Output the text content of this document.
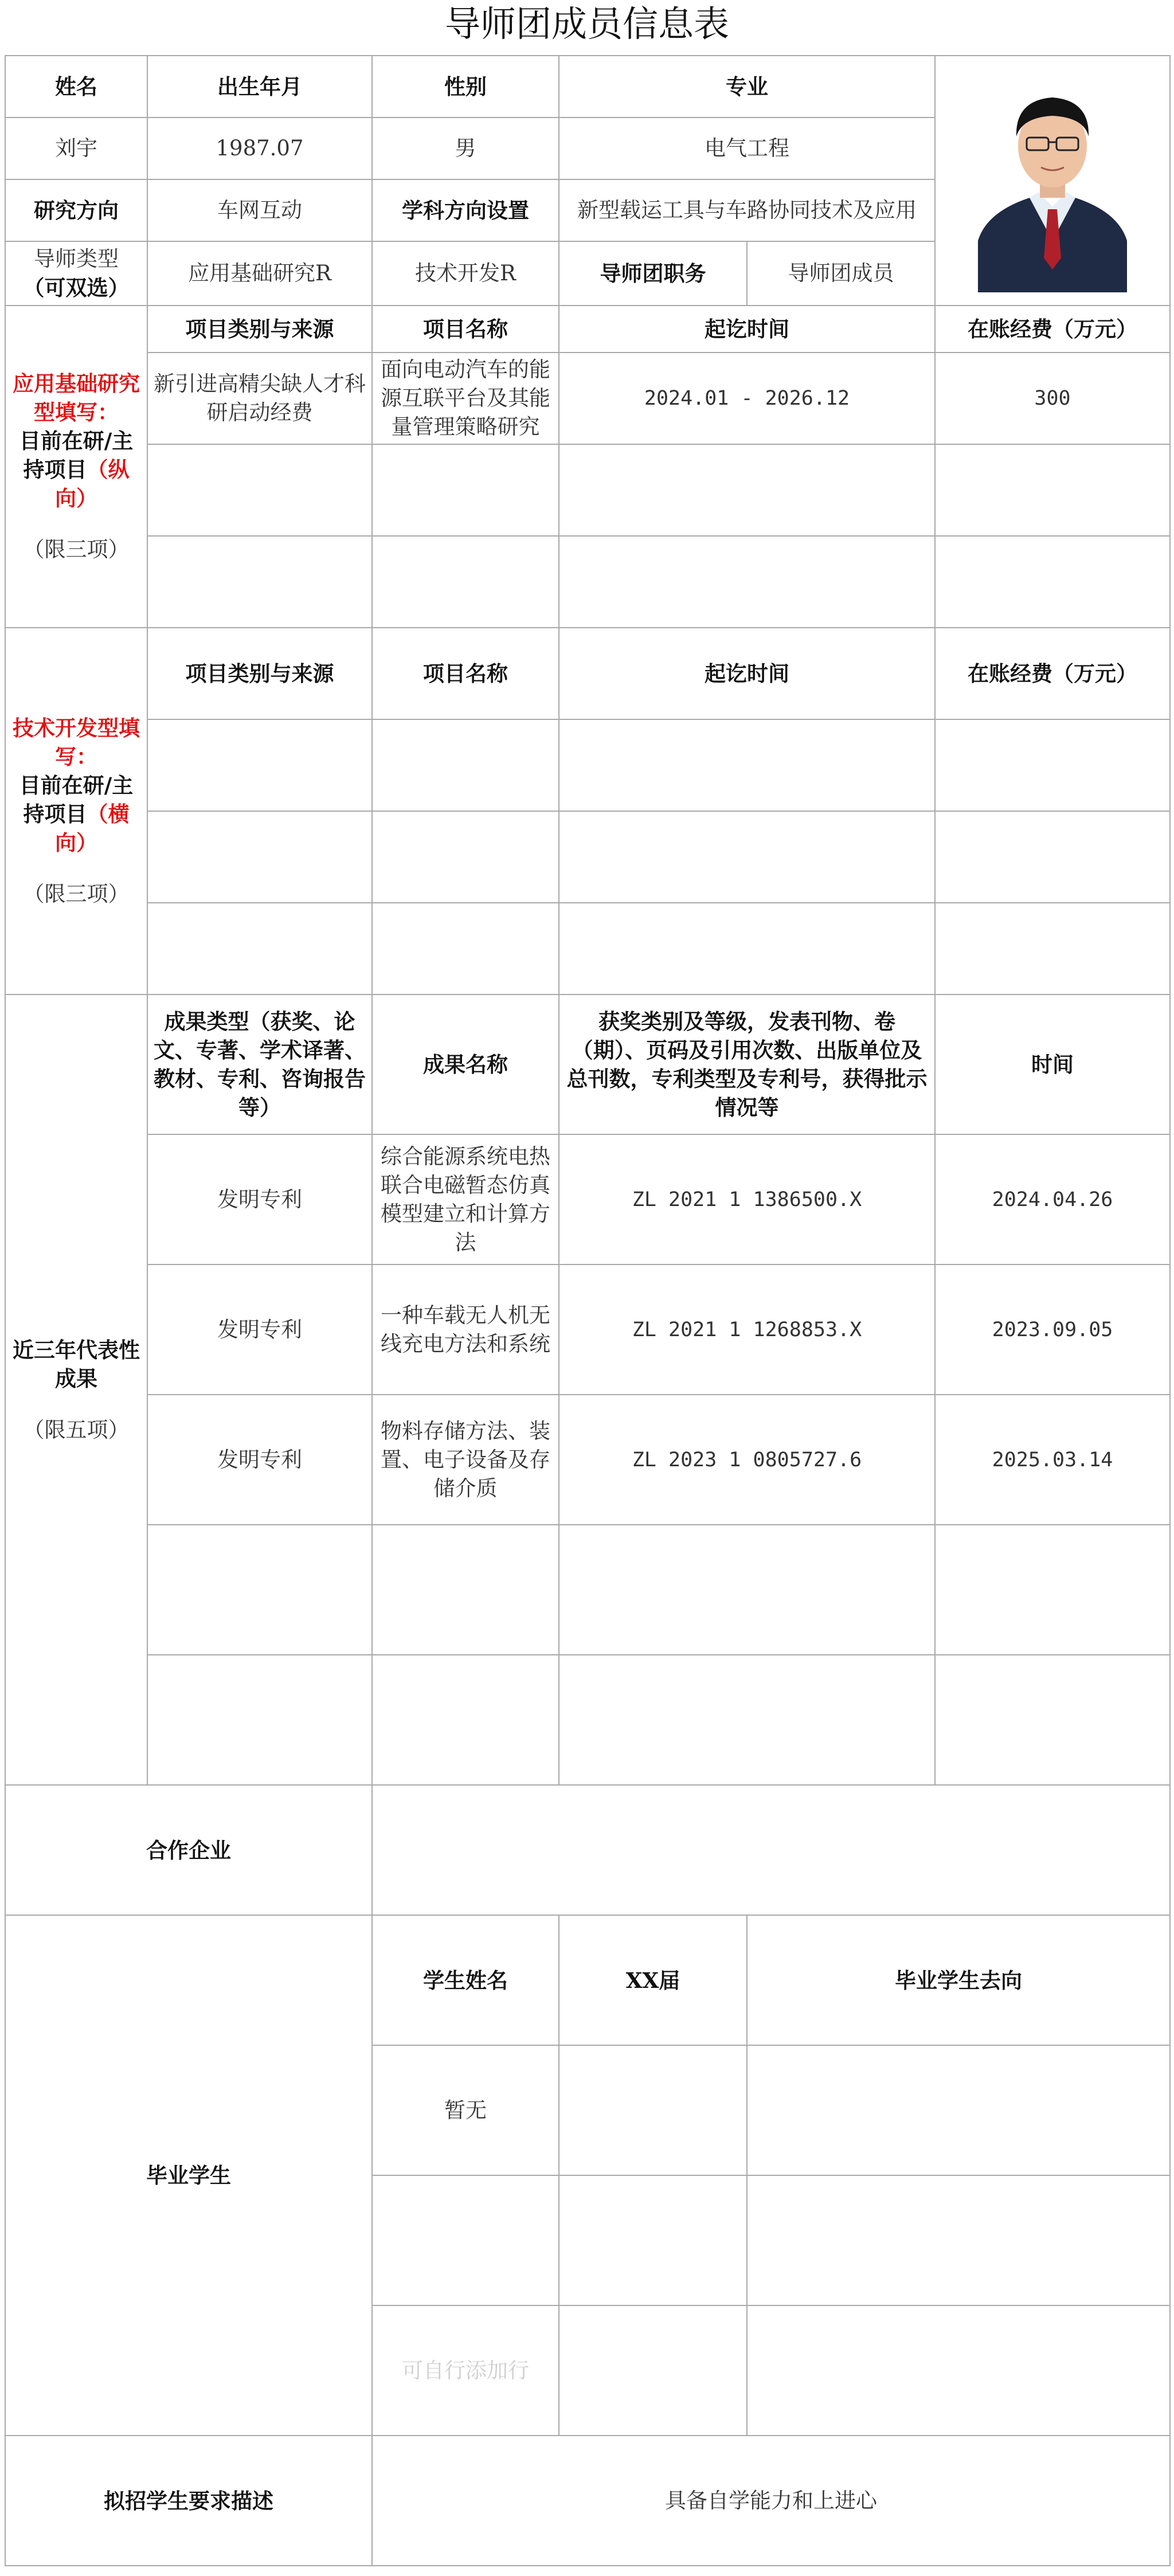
导师团成员信息表
姓名	出生年月	性别	专业	

刘宇	1987.07	男	电气工程		
研究方向	车网互动	学科方向设置	新型载运工具与车路协同技术及应用		
导师类型
（可双选）	应用基础研究R	技术开发R	导师团职务	导师团成员	
应用基础研究型填写：
目前在研/主持项目（纵向）
（限三项）	项目类别与来源	项目名称	起讫时间		在账经费（万元）
	新引进高精尖缺人才科研启动经费	面向电动汽车的能源互联平台及其能量管理策略研究	2024.01 - 2026.12		300

技术开发型填写：
目前在研/主持项目（横向）
（限三项）	项目类别与来源	项目名称	起讫时间		在账经费（万元）

近三年代表性成果
（限五项）	成果类型（获奖、论文、专著、学术译著、教材、专利、咨询报告等）	成果名称	获奖类别及等级，发表刊物、卷（期）、页码及引用次数、出版单位及总刊数，专利类型及专利号，获得批示情况等		时间
	发明专利	综合能源系统电热联合电磁暂态仿真模型建立和计算方法	ZL 2021 1 1386500.X		2024.04.26
	发明专利	一种车载无人机无线充电方法和系统	ZL 2021 1 1268853.X		2023.09.05
	发明专利	物料存储方法、装置、电子设备及存储介质	ZL 2023 1 0805727.6		2025.03.14

合作企业					
毕业学生		学生姓名	XX届	毕业学生去向	
		暂无			

		可自行添加行			
拟招学生要求描述		具备自学能力和上进心			
